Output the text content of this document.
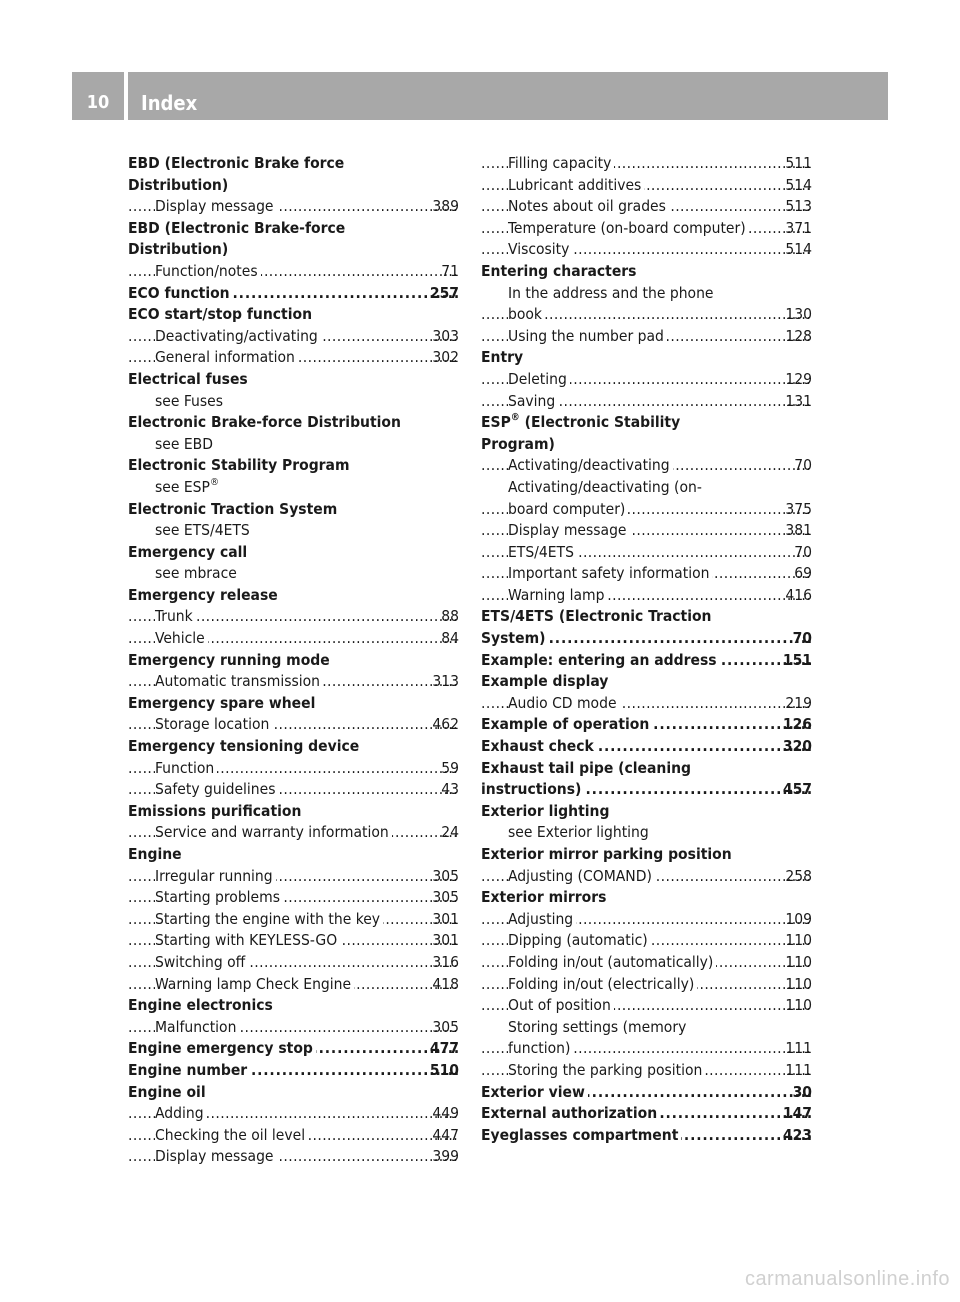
10	Index
EBD (Electronic Brake force
Distribution)
Display message	389
. . .
EBD (Electronic Brake-force
Distribution)
Function/notes	71
. . .
ECO function	257
. . .
ECO start/stop function
Deactivating/activating	303
. . .
General information	302
. . .
Electrical fuses
see Fuses
Electronic Brake-force Distribution
see EBD
Electronic Stability Program
see ESP®
Electronic Traction System
see ETS/4ETS
Emergency call
see mbrace
Emergency release
Trunk	88
. . .
Vehicle	84
. . .
Emergency running mode
Automatic transmission	313
. . .
Emergency spare wheel
Storage location	462
. . .
Emergency tensioning device
Function	59
. . .
Safety guidelines	43
. . .
Emissions purification
Service and warranty information	24
. . .
Engine
Irregular running	305
. . .
Starting problems	305
. . .
Starting the engine with the key	301
. . .
Starting with KEYLESS-GO	301
. . .
Switching off	316
. . .
Warning lamp Check Engine	418
. . .
Engine electronics
Malfunction	305
. . .
Engine emergency stop	477
. . .
Engine number	510
. . .
Engine oil
Adding	449
. . .
Checking the oil level	447
. . .
Display message	399
. . .
Filling capacity	511
. . .
Lubricant additives	514
. . .
Notes about oil grades	513
. . .
Temperature (on-board computer)	371
. . .
Viscosity	514
. . .
Entering characters
In the address and the phone
book	130
. . .
Using the number pad	128
. . .
Entry
Deleting	129
. . .
Saving	131
. . .
ESP® (Electronic Stability
Program)
Activating/deactivating	70
. . .
Activating/deactivating (on-
board computer)	375
. . .
Display message	381
. . .
ETS/4ETS	70
. . .
Important safety information	69
. . .
Warning lamp	416
. . .
ETS/4ETS (Electronic Traction
System)	70
. . .
Example: entering an address	151
. . .
Example display
Audio CD mode	219
. . .
Example of operation	126
. . .
Exhaust check	320
. . .
Exhaust tail pipe (cleaning
instructions)	457
. . .
Exterior lighting
see Exterior lighting
Exterior mirror parking position
Adjusting (COMAND)	258
. . .
Exterior mirrors
Adjusting	109
. . .
Dipping (automatic)	110
. . .
Folding in/out (automatically)	110
. . .
Folding in/out (electrically)	110
. . .
Out of position	110
. . .
Storing settings (memory
function)	111
. . .
Storing the parking position	111
. . .
Exterior view	30
. . .
External authorization	147
. . .
Eyeglasses compartment	423
. . .
carmanualsonline.info
